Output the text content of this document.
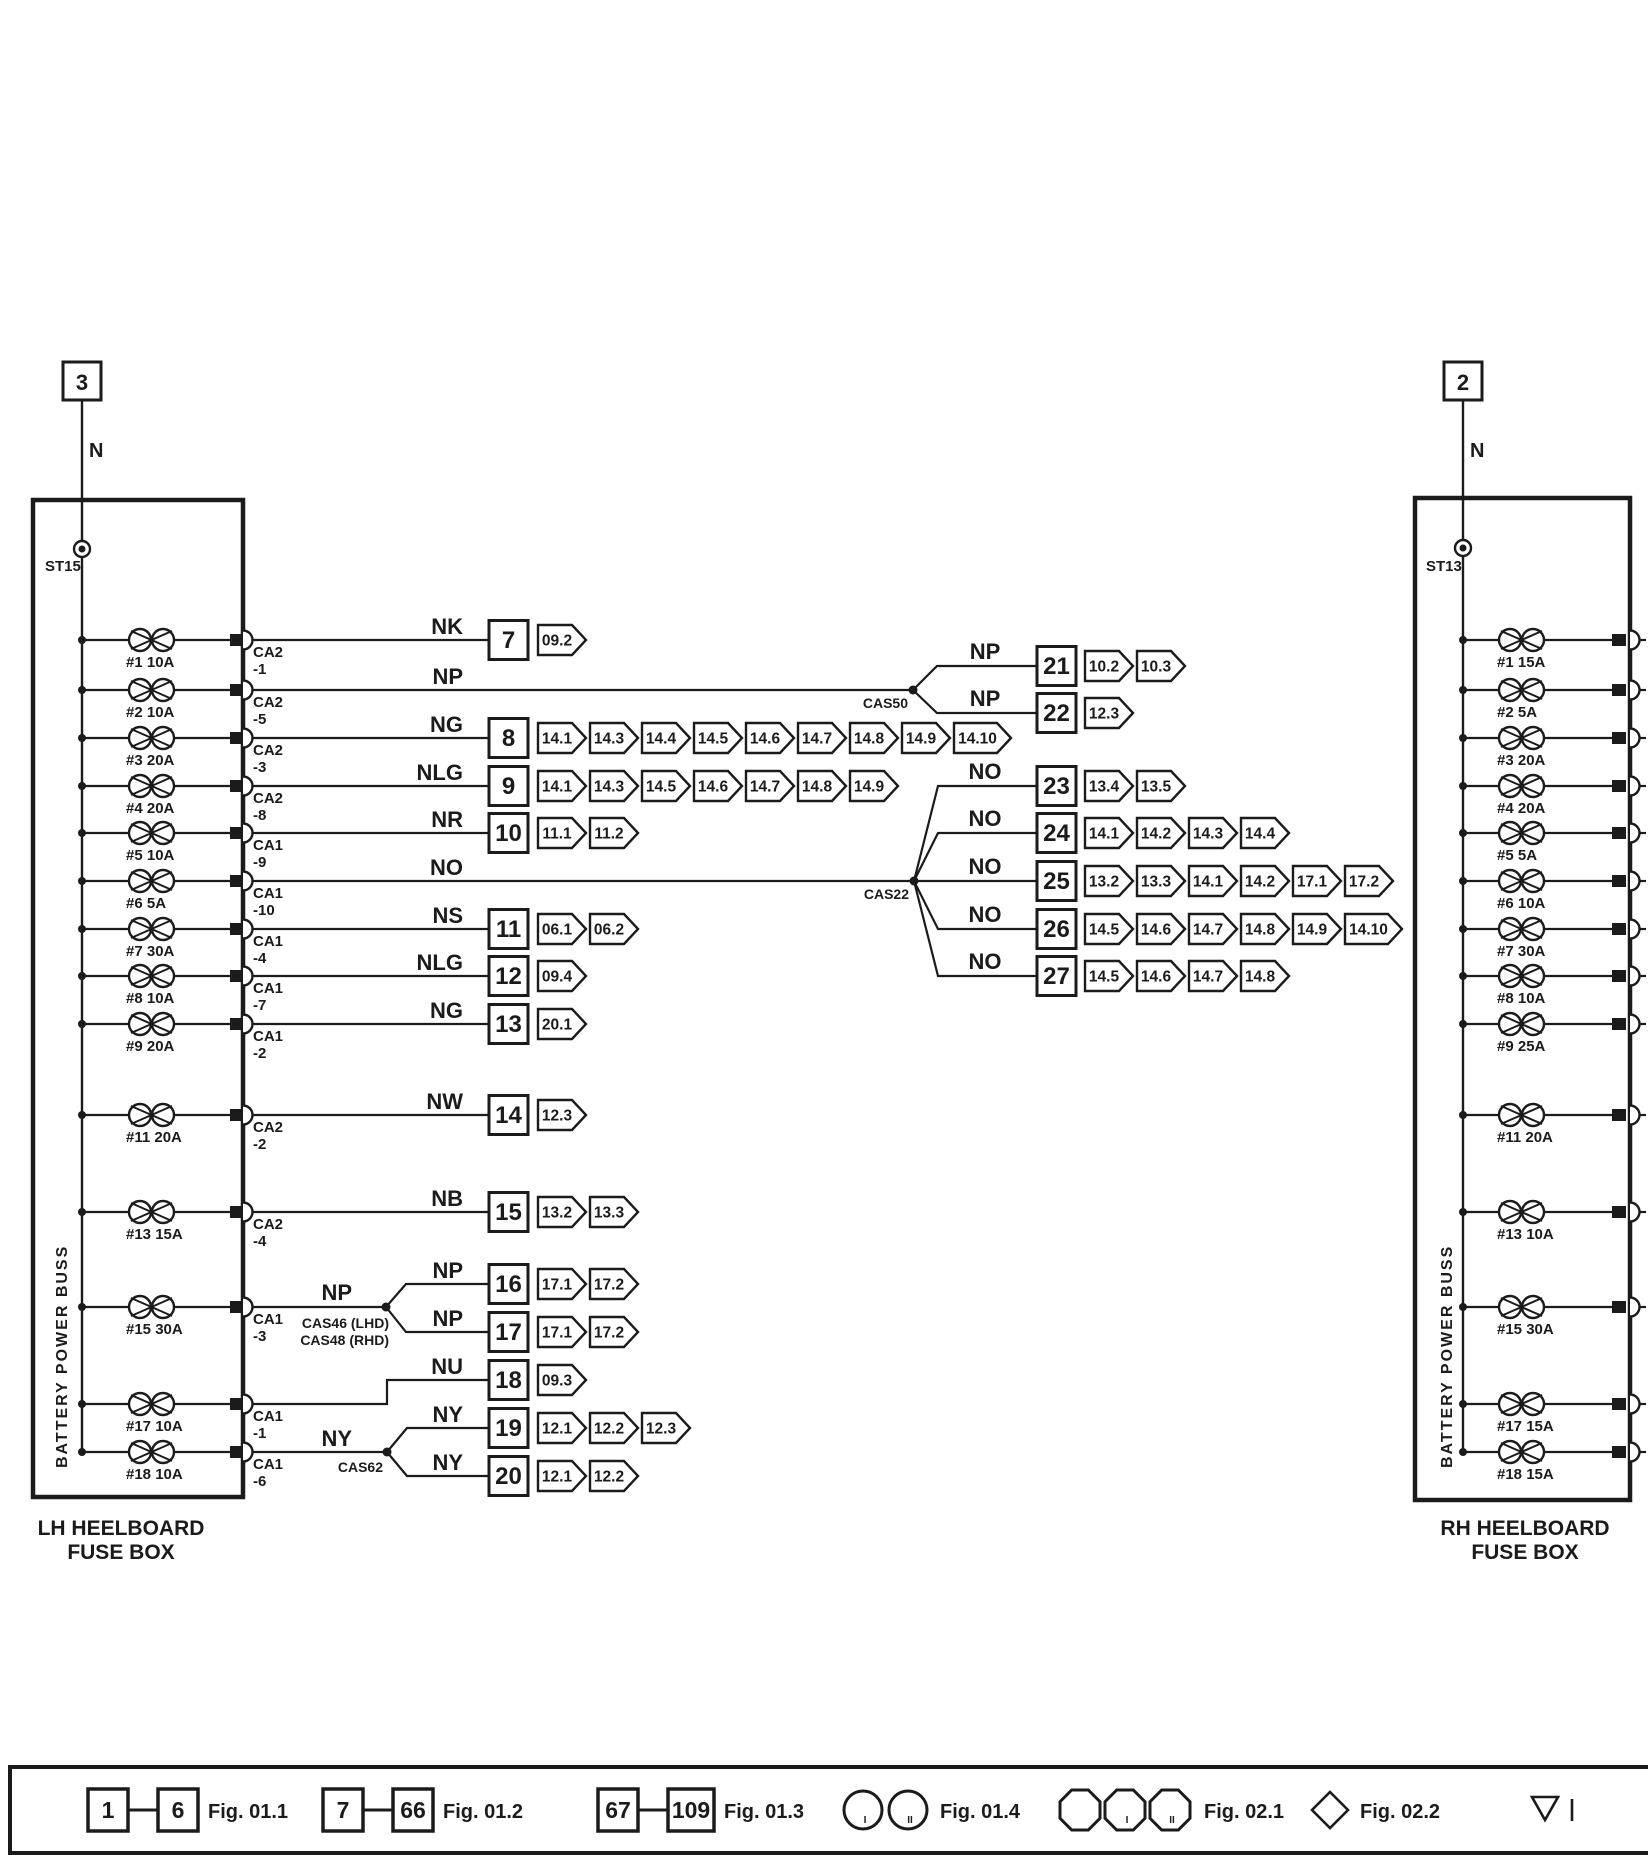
3
N
ST15
BATTERY POWER BUSS
LH HEELBOARD
FUSE BOX
2
N
ST13
BATTERY POWER BUSS
RH HEELBOARD
FUSE BOX
NP
CAS50
NO
CAS22
NP
CAS46 (LHD)
CAS48 (RHD)
NY
CAS62
1 6 Fig. 01.1 7 66 Fig. 01.2	67 109 Fig. 01.3	I	II Fig. 01.4	I	II Fig. 02.1	Fig. 02.2
#1 10A
CA2
-1
#2 10A
CA2
-5
#3 20A
CA2
-3
#4 20A
CA2
-8
#5 10A
CA1
-9
#6 5A
CA1
-10
#7 30A
CA1
-4
#8 10A
CA1
-7
#9 20A
CA1
-2
#11 20A
CA2
-2
#13 15A
CA2
-4
#15 30A
CA1
-3
#17 10A
CA1
-1
#18 10A
CA1
-6
#1 15A
#2 5A
#3 20A
#4 20A
#5 5A
#6 10A
#7 30A
#8 10A
#9 25A
#11 20A
#13 10A
#15 30A
#17 15A
#18 15A
NK
7 09.2
NG
8 14.1 14.3 14.4 14.5 14.6 14.7 14.8 14.9 14.10
NLG
9 14.1 14.3 14.5 14.6 14.7 14.8 14.9
NR
10 11.1 11.2
NS
11 06.1 06.2
NLG
12 09.4
NG
13 20.1
NW
14 12.3
NB
15 13.2 13.3
NP
16 17.1 17.2
NP
17 17.1 17.2
NU
18 09.3
NY
19 12.1 12.2 12.3
NY
20 12.1 12.2
NP
21 10.2 10.3
NP
22 12.3
NO
23 13.4 13.5
NO
24 14.1 14.2 14.3 14.4
NO
25 13.2 13.3 14.1 14.2 17.1 17.2
NO
26 14.5 14.6 14.7 14.8 14.9 14.10
NO
27 14.5 14.6 14.7 14.8
